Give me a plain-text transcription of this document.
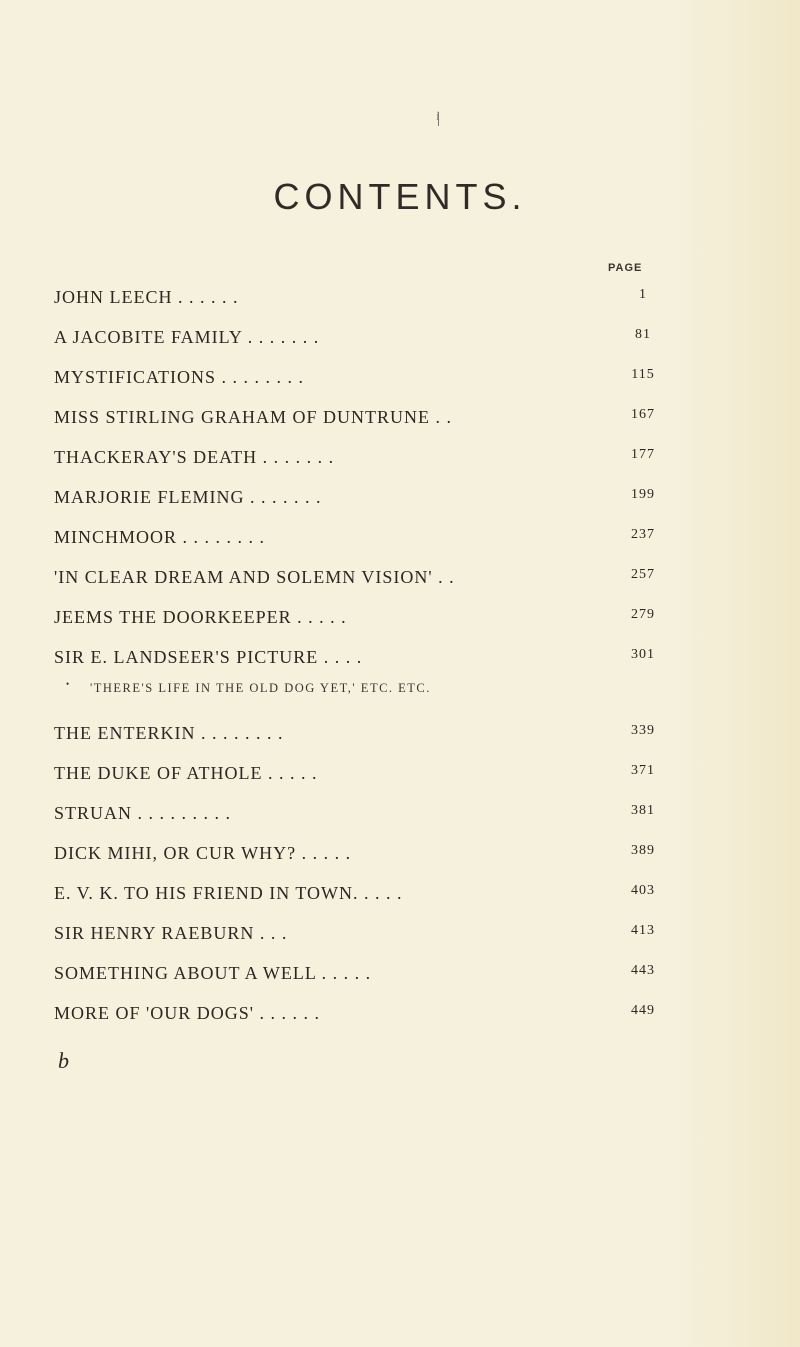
i
CONTENTS.
PAGE
JOHN LEECH . . . . . .	1
A JACOBITE FAMILY . . . . . . .	81
MYSTIFICATIONS . . . . . . . .	115
MISS STIRLING GRAHAM OF DUNTRUNE . .	167
THACKERAY'S DEATH . . . . . . .	177
MARJORIE FLEMING . . . . . . .	199
MINCHMOOR . . . . . . . .	237
'IN CLEAR DREAM AND SOLEMN VISION' . .	257
JEEMS THE DOORKEEPER . . . . .	279
SIR E. LANDSEER'S PICTURE . . . .	301
• 'THERE'S LIFE IN THE OLD DOG YET,' ETC. ETC.
THE ENTERKIN . . . . . . . .	339
THE DUKE OF ATHOLE . . . . .	371
STRUAN . . . . . . . . .	381
DICK MIHI, OR CUR WHY? . . . . .	389
E. V. K. TO HIS FRIEND IN TOWN. . . . .	403
SIR HENRY RAEBURN . . .	413
SOMETHING ABOUT A WELL . . . . .	443
MORE OF 'OUR DOGS' . . . . . .	449
b
